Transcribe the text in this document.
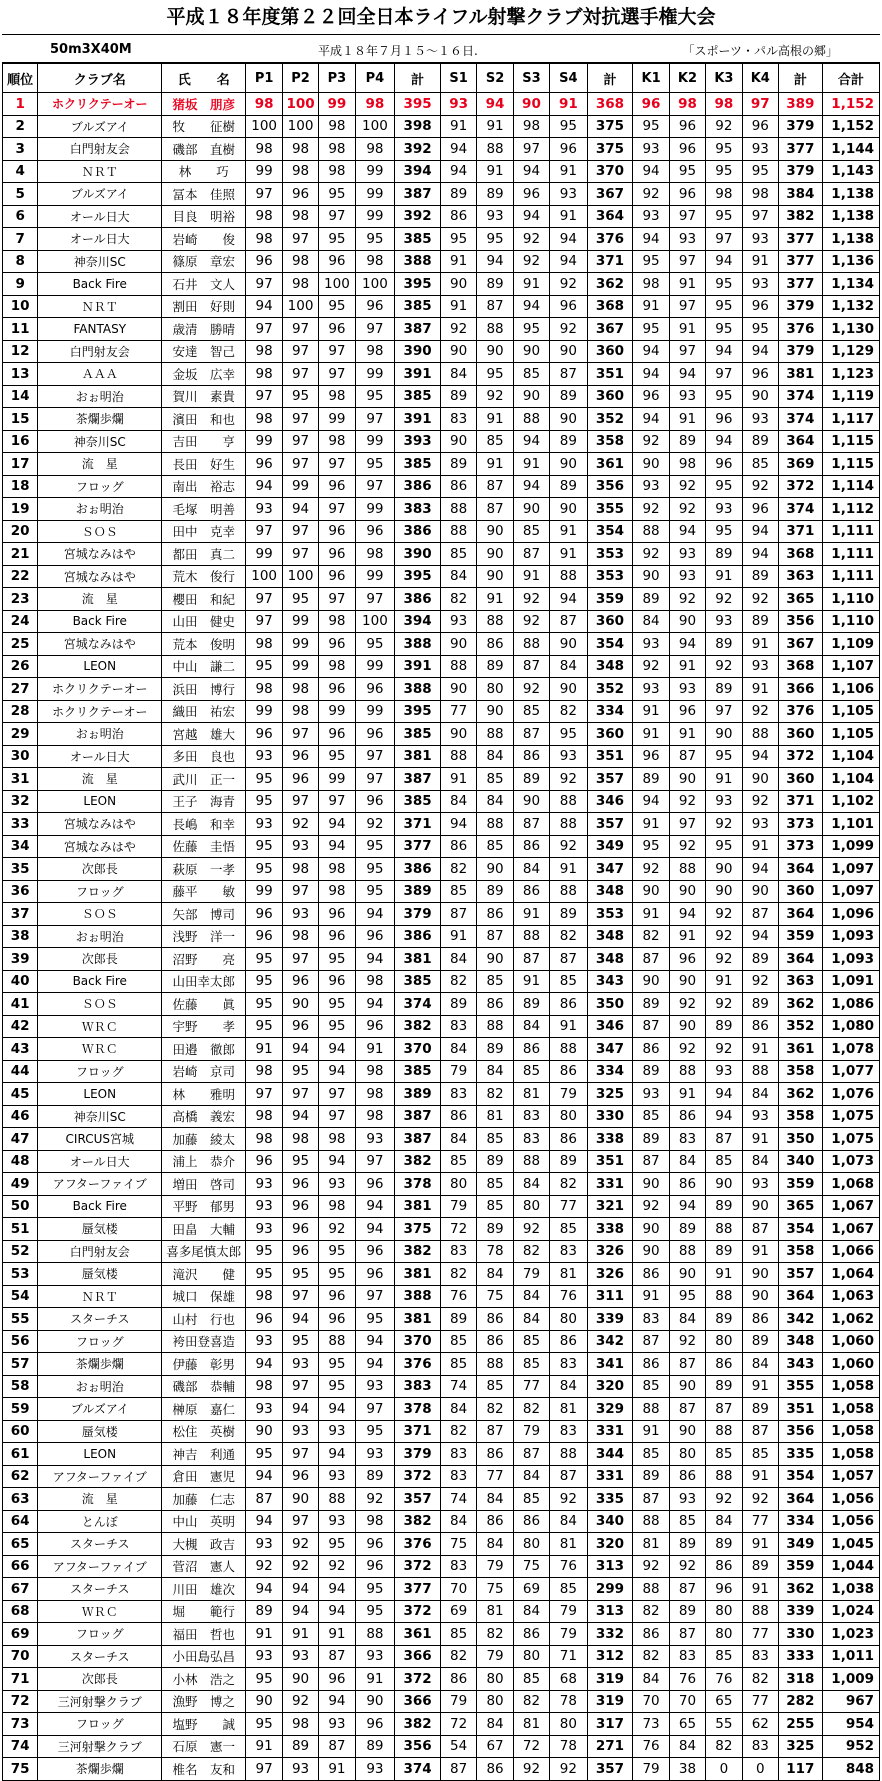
平成１８年度第２２回全日本ライフル射撃クラブ対抗選手権大会
50m3X40M	平成１８年７月１５～１６日.	「スポーツ・パル高根の郷」
順位	クラブ名	氏　　名	P1	P2	P3	P4	計	S1	S2	S3	S4	計	K1	K2	K3	K4	計	合計
1	ホクリクテーオー	猪坂　朋彦	98	100	99	98	395	93	94	90	91	368	96	98	98	97	389	1,152
2	ブルズアイ	牧　　征樹	100	100	98	100	398	91	91	98	95	375	95	96	92	96	379	1,152
3	白門射友会	磯部　直樹	98	98	98	98	392	94	88	97	96	375	93	96	95	93	377	1,144
4	ＮＲＴ	林　　巧	99	98	98	99	394	94	91	94	91	370	94	95	95	95	379	1,143
5	ブルズアイ	冨本　佳照	97	96	95	99	387	89	89	96	93	367	92	96	98	98	384	1,138
6	オール日大	目良　明裕	98	98	97	99	392	86	93	94	91	364	93	97	95	97	382	1,138
7	オール日大	岩崎　　俊	98	97	95	95	385	95	95	92	94	376	94	93	97	93	377	1,138
8	神奈川SC	篠原　章宏	96	98	96	98	388	91	94	92	94	371	95	97	94	91	377	1,136
9	Back Fire	石井　文人	97	98	100	100	395	90	89	91	92	362	98	91	95	93	377	1,134
10	ＮＲＴ	割田　好則	94	100	95	96	385	91	87	94	96	368	91	97	95	96	379	1,132
11	FANTASY	歳清　勝晴	97	97	96	97	387	92	88	95	92	367	95	91	95	95	376	1,130
12	白門射友会	安達　智己	98	97	97	98	390	90	90	90	90	360	94	97	94	94	379	1,129
13	ＡＡＡ	金坂　広幸	98	97	97	99	391	84	95	85	87	351	94	94	97	96	381	1,123
14	おぉ明治	賀川　素貴	97	95	98	95	385	89	92	90	89	360	96	93	95	90	374	1,119
15	茶爛歩爛	濱田　和也	98	97	99	97	391	83	91	88	90	352	94	91	96	93	374	1,117
16	神奈川SC	吉田　　亨	99	97	98	99	393	90	85	94	89	358	92	89	94	89	364	1,115
17	流　星	長田　好生	96	97	97	95	385	89	91	91	90	361	90	98	96	85	369	1,115
18	フロッグ	南出　裕志	94	99	96	97	386	86	87	94	89	356	93	92	95	92	372	1,114
19	おぉ明治	毛塚　明善	93	94	97	99	383	88	87	90	90	355	92	92	93	96	374	1,112
20	ＳＯＳ	田中　克幸	97	97	96	96	386	88	90	85	91	354	88	94	95	94	371	1,111
21	宮城なみはや	都田　真二	99	97	96	98	390	85	90	87	91	353	92	93	89	94	368	1,111
22	宮城なみはや	荒木　俊行	100	100	96	99	395	84	90	91	88	353	90	93	91	89	363	1,111
23	流　星	櫻田　和紀	97	95	97	97	386	82	91	92	94	359	89	92	92	92	365	1,110
24	Back Fire	山田　健史	97	99	98	100	394	93	88	92	87	360	84	90	93	89	356	1,110
25	宮城なみはや	荒本　俊明	98	99	96	95	388	90	86	88	90	354	93	94	89	91	367	1,109
26	LEON	中山　謙二	95	99	98	99	391	88	89	87	84	348	92	91	92	93	368	1,107
27	ホクリクテーオー	浜田　博行	98	98	96	96	388	90	80	92	90	352	93	93	89	91	366	1,106
28	ホクリクテーオー	織田　祐宏	99	98	99	99	395	77	90	85	82	334	91	96	97	92	376	1,105
29	おぉ明治	宮越　雄大	96	97	96	96	385	90	88	87	95	360	91	91	90	88	360	1,105
30	オール日大	多田　良也	93	96	95	97	381	88	84	86	93	351	96	87	95	94	372	1,104
31	流　星	武川　正一	95	96	99	97	387	91	85	89	92	357	89	90	91	90	360	1,104
32	LEON	王子　海青	95	97	97	96	385	84	84	90	88	346	94	92	93	92	371	1,102
33	宮城なみはや	長嶋　和幸	93	92	94	92	371	94	88	87	88	357	91	97	92	93	373	1,101
34	宮城なみはや	佐藤　圭悟	95	93	94	95	377	86	85	86	92	349	95	92	95	91	373	1,099
35	次郎長	萩原　一孝	95	98	98	95	386	82	90	84	91	347	92	88	90	94	364	1,097
36	フロッグ	藤平　　敏	99	97	98	95	389	85	89	86	88	348	90	90	90	90	360	1,097
37	ＳＯＳ	矢部　博司	96	93	96	94	379	87	86	91	89	353	91	94	92	87	364	1,096
38	おぉ明治	浅野　洋一	96	98	96	96	386	91	87	88	82	348	82	91	92	94	359	1,093
39	次郎長	沼野　　亮	95	97	95	94	381	84	90	87	87	348	87	96	92	89	364	1,093
40	Back Fire	山田幸太郎	95	96	96	98	385	82	85	91	85	343	90	90	91	92	363	1,091
41	ＳＯＳ	佐藤　　眞	95	90	95	94	374	89	86	89	86	350	89	92	92	89	362	1,086
42	ＷＲＣ	宇野　　孝	95	96	95	96	382	83	88	84	91	346	87	90	89	86	352	1,080
43	ＷＲＣ	田邉　徹郎	91	94	94	91	370	84	89	86	88	347	86	92	92	91	361	1,078
44	フロッグ	岩崎　京司	98	95	94	98	385	79	84	85	86	334	89	88	93	88	358	1,077
45	LEON	林　　雅明	97	97	97	98	389	83	82	81	79	325	93	91	94	84	362	1,076
46	神奈川SC	高橋　義宏	98	94	97	98	387	86	81	83	80	330	85	86	94	93	358	1,075
47	CIRCUS宮城	加藤　綾太	98	98	98	93	387	84	85	83	86	338	89	83	87	91	350	1,075
48	オール日大	浦上　恭介	96	95	94	97	382	85	89	88	89	351	87	84	85	84	340	1,073
49	アフターファイブ	増田　啓司	93	96	93	96	378	80	85	84	82	331	90	86	90	93	359	1,068
50	Back Fire	平野　郁男	93	96	98	94	381	79	85	80	77	321	92	94	89	90	365	1,067
51	蜃気楼	田畠　大輔	93	96	92	94	375	72	89	92	85	338	90	89	88	87	354	1,067
52	白門射友会	喜多尾慎太郎	95	96	95	96	382	83	78	82	83	326	90	88	89	91	358	1,066
53	蜃気楼	滝沢　　健	95	95	95	96	381	82	84	79	81	326	86	90	91	90	357	1,064
54	ＮＲＴ	城口　保雄	98	97	96	97	388	76	75	84	76	311	91	95	88	90	364	1,063
55	スターチス	山村　行也	96	94	96	95	381	89	86	84	80	339	83	84	89	86	342	1,062
56	フロッグ	袴田登喜造	93	95	88	94	370	85	86	85	86	342	87	92	80	89	348	1,060
57	茶爛歩爛	伊藤　彰男	94	93	95	94	376	85	88	85	83	341	86	87	86	84	343	1,060
58	おぉ明治	磯部　恭輔	98	97	95	93	383	74	85	77	84	320	85	90	89	91	355	1,058
59	ブルズアイ	榊原　嘉仁	93	94	94	97	378	84	82	82	81	329	88	87	87	89	351	1,058
60	蜃気楼	松住　英樹	90	93	93	95	371	82	87	79	83	331	91	90	88	87	356	1,058
61	LEON	神吉　利通	95	97	94	93	379	83	86	87	88	344	85	80	85	85	335	1,058
62	アフターファイブ	倉田　憲児	94	96	93	89	372	83	77	84	87	331	89	86	88	91	354	1,057
63	流　星	加藤　仁志	87	90	88	92	357	74	84	85	92	335	87	93	92	92	364	1,056
64	とんぼ	中山　英明	94	97	93	98	382	84	86	86	84	340	88	85	84	77	334	1,056
65	スターチス	大槻　政吉	93	92	95	96	376	75	84	80	81	320	81	89	89	91	349	1,045
66	アフターファイブ	菅沼　憲人	92	92	92	96	372	83	79	75	76	313	92	92	86	89	359	1,044
67	スターチス	川田　雄次	94	94	94	95	377	70	75	69	85	299	88	87	96	91	362	1,038
68	ＷＲＣ	堀　　範行	89	94	94	95	372	69	81	84	79	313	82	89	80	88	339	1,024
69	フロッグ	福田　哲也	91	91	91	88	361	85	82	86	79	332	86	87	80	77	330	1,023
70	スターチス	小田島弘昌	93	93	87	93	366	82	79	80	71	312	82	83	85	83	333	1,011
71	次郎長	小林　浩之	95	90	96	91	372	86	80	85	68	319	84	76	76	82	318	1,009
72	三河射撃クラブ	漁野　博之	90	92	94	90	366	79	80	82	78	319	70	70	65	77	282	967
73	フロッグ	塩野　　誠	95	98	93	96	382	72	84	81	80	317	73	65	55	62	255	954
74	三河射撃クラブ	石原　憲一	91	89	87	89	356	54	67	72	78	271	76	84	82	83	325	952
75	茶爛歩爛	椎名　友和	97	93	91	93	374	87	86	92	92	357	79	38	0	0	117	848
